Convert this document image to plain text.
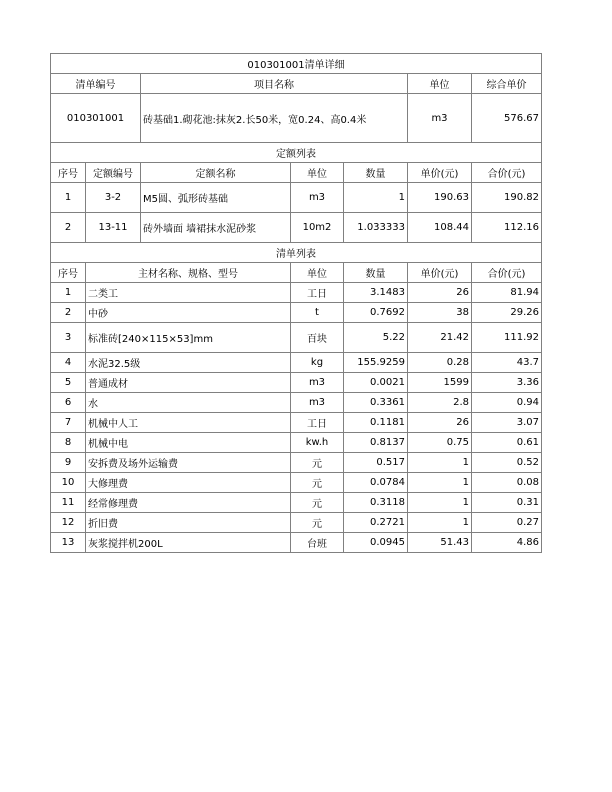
010301001清单详细						
清单编号		项目名称			单位	综合单价
010301001		砖基础1.砌花池:抹灰2.长50米，宽0.24、高0.4米			m3	576.67
定额列表						
序号	定额编号	定额名称	单位	数量	单价(元)	合价(元)
1	3-2	M5圆、弧形砖基础	m3	1	190.63	190.82
2	13-11	砖外墙面 墙裙抹水泥砂浆	10m2	1.033333	108.44	112.16
清单列表						
序号	主材名称、规格、型号		单位	数量	单价(元)	合价(元)
1	二类工		工日	3.1483	26	81.94
2	中砂		t	0.7692	38	29.26
3	标准砖[240×115×53]mm		百块	5.22	21.42	111.92
4	水泥32.5级		kg	155.9259	0.28	43.7
5	普通成材		m3	0.0021	1599	3.36
6	水		m3	0.3361	2.8	0.94
7	机械中人工		工日	0.1181	26	3.07
8	机械中电		kw.h	0.8137	0.75	0.61
9	安拆费及场外运输费		元	0.517	1	0.52
10	大修理费		元	0.0784	1	0.08
11	经常修理费		元	0.3118	1	0.31
12	折旧费		元	0.2721	1	0.27
13	灰浆搅拌机200L		台班	0.0945	51.43	4.86
